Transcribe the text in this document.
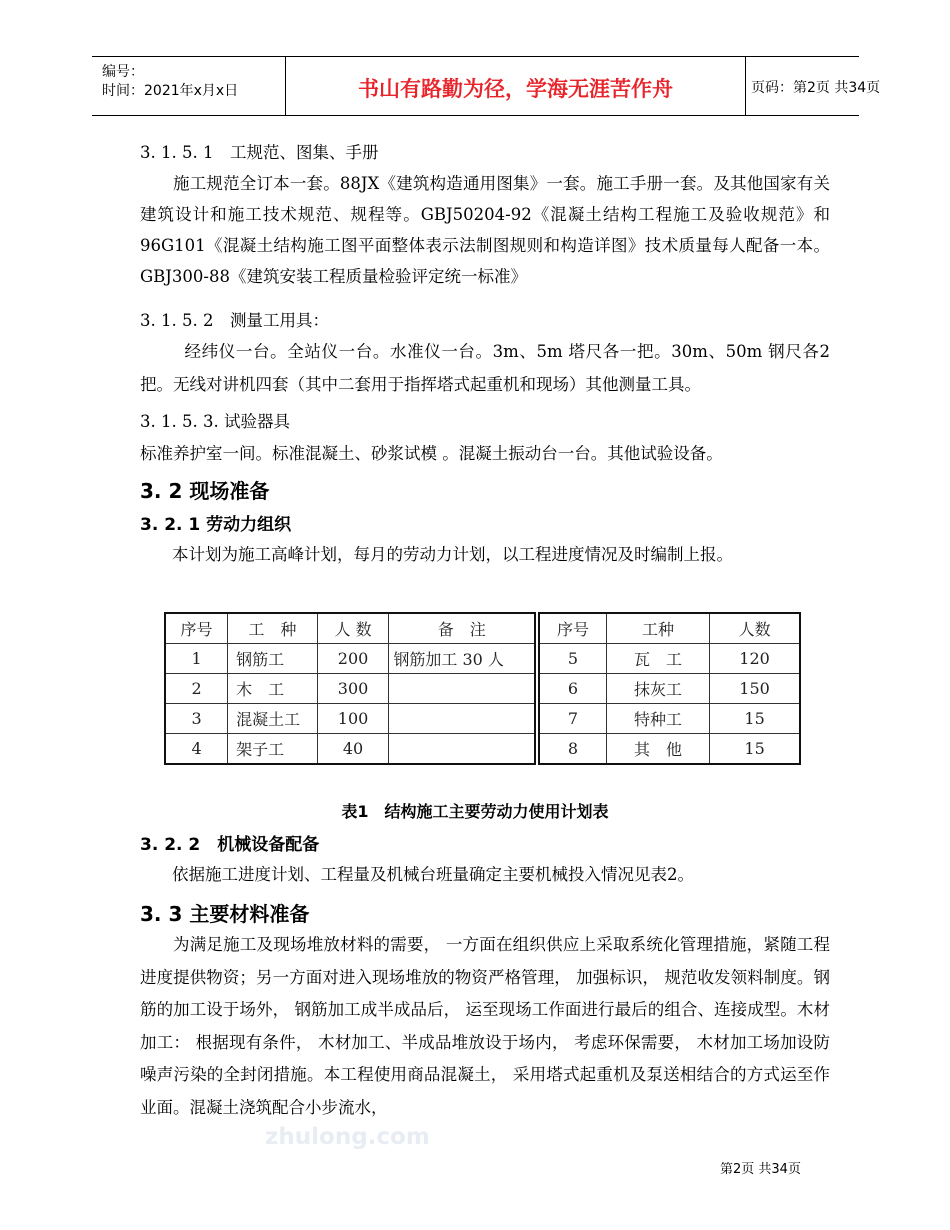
编号：
时间：2021年x月x日	书山有路勤为径，学海无涯苦作舟	页码：第2页 共34页
3. 1. 5. 1　工规范、图集、手册
施工规范全订本一套。88JX《建筑构造通用图集》一套。施工手册一套。及其他国家有关建筑设计和施工技术规范、规程等。GBJ50204-92《混凝土结构工程施工及验收规范》和96G101《混凝土结构施工图平面整体表示法制图规则和构造详图》技术质量每人配备一本。GBJ300-88《建筑安装工程质量检验评定统一标准》
3. 1. 5. 2　测量工用具：
经纬仪一台。全站仪一台。水准仪一台。3m、5m 塔尺各一把。30m、50m 钢尺各2把。无线对讲机四套（其中二套用于指挥塔式起重机和现场）其他测量工具。
3. 1. 5. 3. 试验器具
标准养护室一间。标准混凝土、砂浆试模 。混凝土振动台一台。其他试验设备。
3. 2 现场准备
3. 2. 1 劳动力组织
本计划为施工高峰计划，每月的劳动力计划，以工程进度情况及时编制上报。
序号	工　种	人 数	备　注
1	钢筋工	200	钢筋加工 30 人
2	木　工	300	
3	混凝土工	100	
4	架子工	40	
序号	工种	人数
5	瓦　工	120
6	抹灰工	150
7	特种工	15
8	其　他	15
表1　结构施工主要劳动力使用计划表
3. 2. 2　机械设备配备
依据施工进度计划、工程量及机械台班量确定主要机械投入情况见表2。
3. 3 主要材料准备
为满足施工及现场堆放材料的需要， 一方面在组织供应上采取系统化管理措施，紧随工程进度提供物资；另一方面对进入现场堆放的物资严格管理， 加强标识， 规范收发领料制度。钢筋的加工设于场外， 钢筋加工成半成品后， 运至现场工作面进行最后的组合、连接成型。木材加工： 根据现有条件， 木材加工、半成品堆放设于场内， 考虑环保需要， 木材加工场加设防噪声污染的全封闭措施。本工程使用商品混凝土， 采用塔式起重机及泵送相结合的方式运至作业面。混凝土浇筑配合小步流水，
zhulong.com
第2页 共34页
